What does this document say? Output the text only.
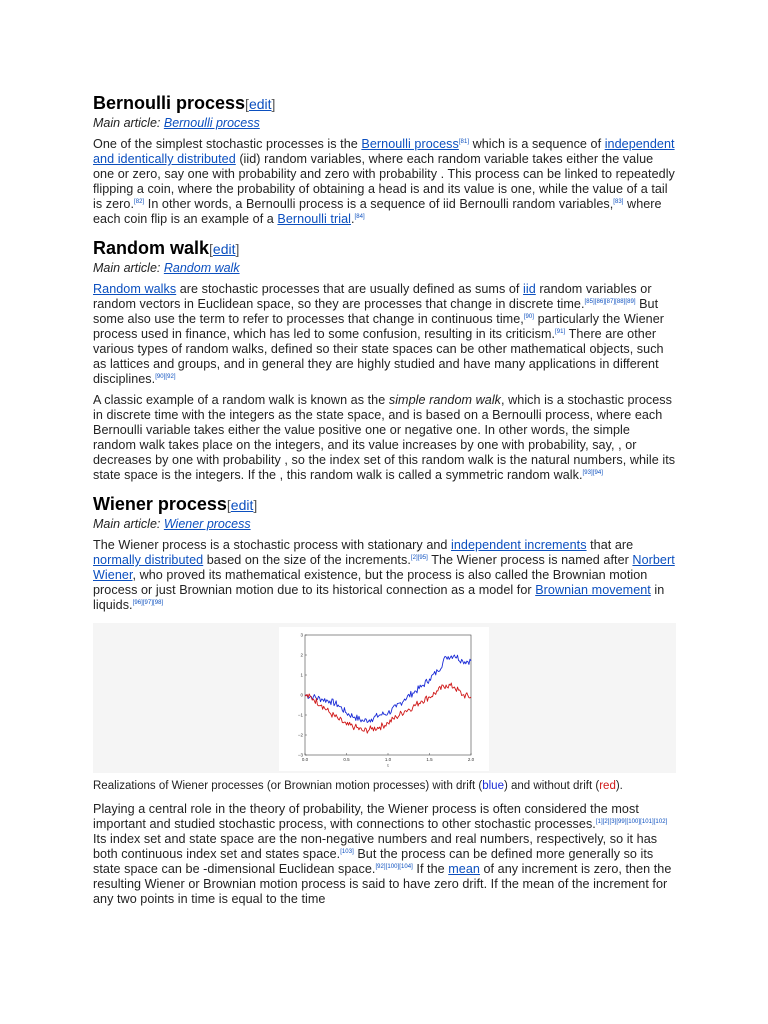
Bernoulli process[edit]
Main article: Bernoulli process

One of the simplest stochastic processes is the Bernoulli process[81] which is a sequence of independent and identically distributed (iid) random variables, where each random variable takes either the value one or zero, say one with probability and zero with probability . This process can be linked to repeatedly flipping a coin, where the probability of obtaining a head is and its value is one, while the value of a tail is zero.[82] In other words, a Bernoulli process is a sequence of iid Bernoulli random variables,[83] where each coin flip is an example of a Bernoulli trial.[84]

Random walk[edit]
Main article: Random walk

Random walks are stochastic processes that are usually defined as sums of iid random variables or random vectors in Euclidean space, so they are processes that change in discrete time.[85][86][87][88][89] But some also use the term to refer to processes that change in continuous time,[90] particularly the Wiener process used in finance, which has led to some confusion, resulting in its criticism.[91] There are other various types of random walks, defined so their state spaces can be other mathematical objects, such as lattices and groups, and in general they are highly studied and have many applications in different disciplines.[90][92]

A classic example of a random walk is known as the simple random walk, which is a stochastic process in discrete time with the integers as the state space, and is based on a Bernoulli process, where each Bernoulli variable takes either the value positive one or negative one. In other words, the simple random walk takes place on the integers, and its value increases by one with probability, say, , or decreases by one with probability , so the index set of this random walk is the natural numbers, while its state space is the integers. If the , this random walk is called a symmetric random walk.[93][94]

Wiener process[edit]
Main article: Wiener process

The Wiener process is a stochastic process with stationary and independent increments that are normally distributed based on the size of the increments.[2][95] The Wiener process is named after Norbert Wiener, who proved its mathematical existence, but the process is also called the Brownian motion process or just Brownian motion due to its historical connection as a model for Brownian movement in liquids.[96][97][98]

0.0	0.5	1.0	1.5	2.0
3
2
1
0
−1
−2
−3
t
Realizations of Wiener processes (or Brownian motion processes) with drift (blue) and without drift (red).

Playing a central role in the theory of probability, the Wiener process is often considered the most important and studied stochastic process, with connections to other stochastic processes.[1][2][3][99][100][101][102] Its index set and state space are the non-negative numbers and real numbers, respectively, so it has both continuous index set and states space.[103] But the process can be defined more generally so its state space can be -dimensional Euclidean space.[92][100][104] If the mean of any increment is zero, then the resulting Wiener or Brownian motion process is said to have zero drift. If the mean of the increment for any two points in time is equal to the time
